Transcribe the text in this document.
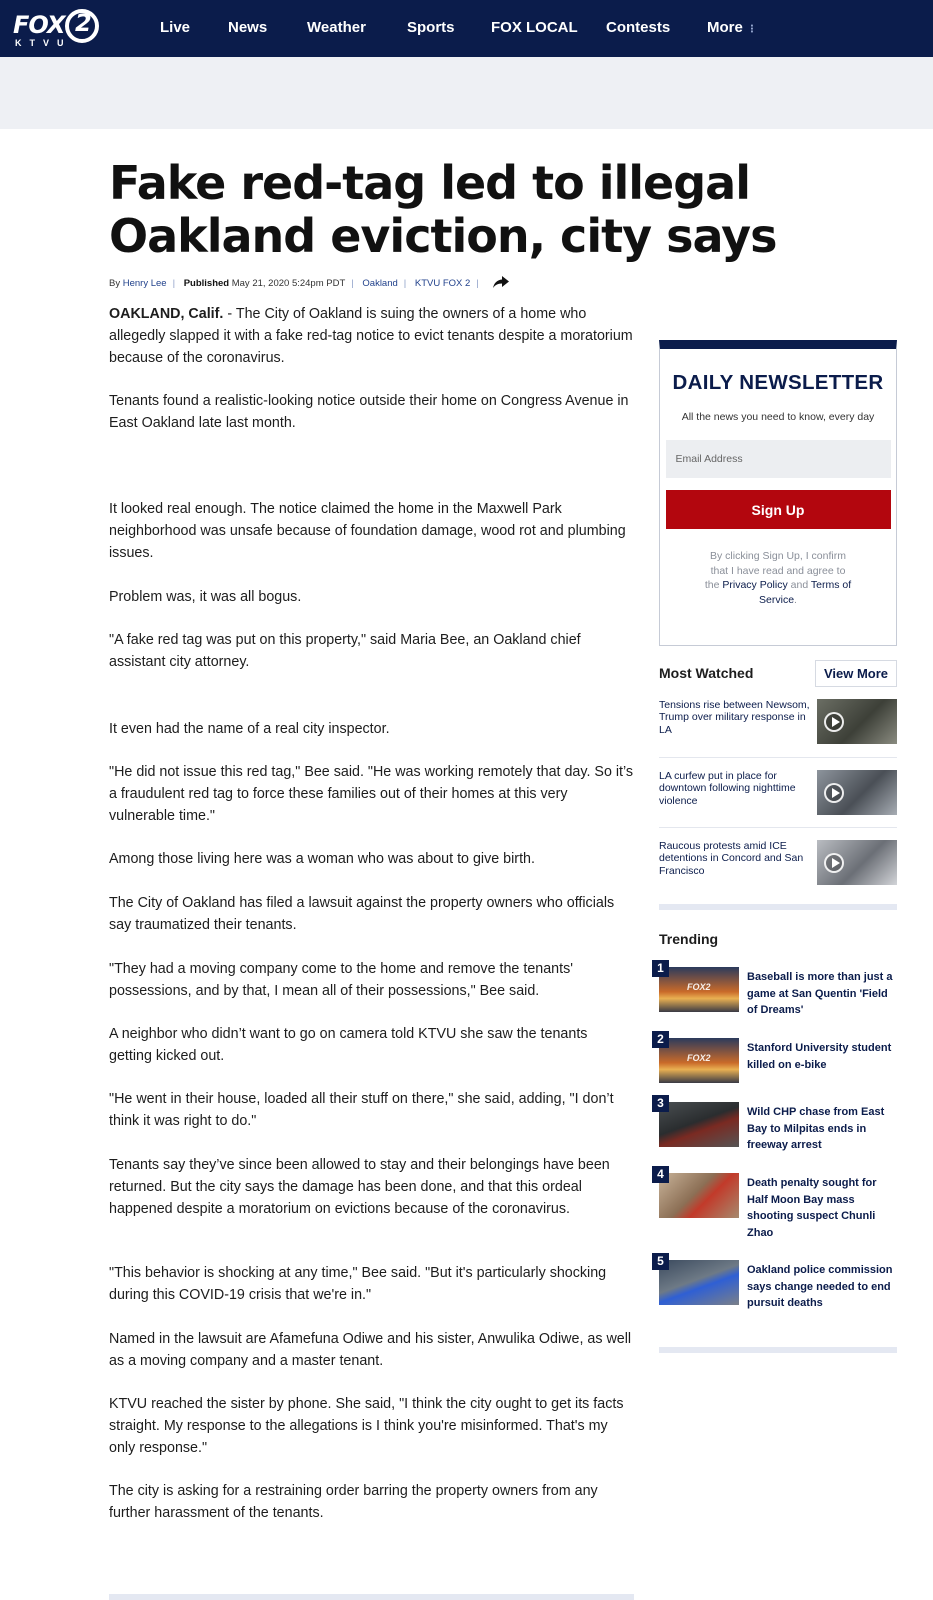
FOX
2
KTVU
Live	News	Weather	Sports FOX LOCAL Contests More ⋮
Fake red-tag led to illegal Oakland eviction, city says
By Henry Lee | Published May 21, 2020 5:24pm PDT | Oakland | KTVU FOX 2 |

OAKLAND, Calif. - The City of Oakland is suing the owners of a home who allegedly slapped it with a fake red-tag notice to evict tenants despite a moratorium because of the coronavirus.

Tenants found a realistic-looking notice outside their home on Congress Avenue in East Oakland late last month.

It looked real enough. The notice claimed the home in the Maxwell Park neighborhood was unsafe because of foundation damage, wood rot and plumbing issues.

Problem was, it was all bogus.

"A fake red tag was put on this property," said Maria Bee, an Oakland chief assistant city attorney.

It even had the name of a real city inspector.

"He did not issue this red tag," Bee said. "He was working remotely that day. So it’s a fraudulent red tag to force these families out of their homes at this very vulnerable time."

Among those living here was a woman who was about to give birth.

The City of Oakland has filed a lawsuit against the property owners who officials say traumatized their tenants.

"They had a moving company come to the home and remove the tenants' possessions, and by that, I mean all of their possessions," Bee said.

A neighbor who didn’t want to go on camera told KTVU she saw the tenants getting kicked out.

"He went in their house, loaded all their stuff on there," she said, adding, "I don’t think it was right to do."

Tenants say they’ve since been allowed to stay and their belongings have been returned. But the city says the damage has been done, and that this ordeal happened despite a moratorium on evictions because of the coronavirus.

"This behavior is shocking at any time," Bee said. "But it's particularly shocking during this COVID-19 crisis that we're in."

Named in the lawsuit are Afamefuna Odiwe and his sister, Anwulika Odiwe, as well as a moving company and a master tenant.

KTVU reached the sister by phone. She said, "I think the city ought to get its facts straight. My response to the allegations is I think you're misinformed. That's my only response."

The city is asking for a restraining order barring the property owners from any further harassment of the tenants.

DAILY NEWSLETTER
All the news you need to know, every day
Email Address
Sign Up
By clicking Sign Up, I confirm that I have read and agree to the Privacy Policy and Terms of Service.
Most Watched	View More
Tensions rise between Newsom, Trump over military response in LA
LA curfew put in place for downtown following nighttime violence
Raucous protests amid ICE detentions in Concord and San Francisco
Trending
FOX2
1
Baseball is more than just a game at San Quentin 'Field of Dreams'
FOX2
2
Stanford University student killed on e-bike
3
Wild CHP chase from East Bay to Milpitas ends in freeway arrest
4
Death penalty sought for Half Moon Bay mass shooting suspect Chunli Zhao
5
Oakland police commission says change needed to end pursuit deaths
